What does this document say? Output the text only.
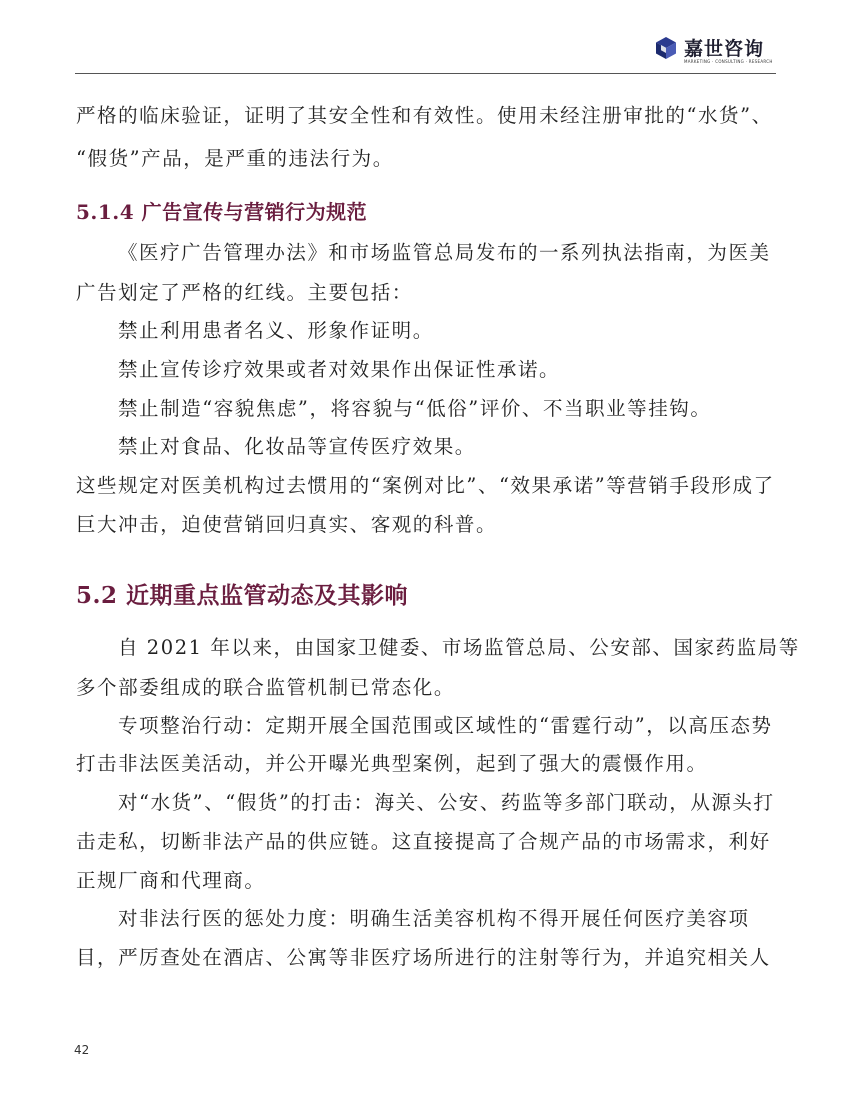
嘉世咨询
MARKETING · CONSULTING · RESEARCH
严格的临床验证，证明了其安全性和有效性。使用未经注册审批的“水货”、
“假货”产品，是严重的违法行为。
5.1.4 广告宣传与营销行为规范
《医疗广告管理办法》和市场监管总局发布的一系列执法指南，为医美
广告划定了严格的红线。主要包括：
禁止利用患者名义、形象作证明。
禁止宣传诊疗效果或者对效果作出保证性承诺。
禁止制造“容貌焦虑”，将容貌与“低俗”评价、不当职业等挂钩。
禁止对食品、化妆品等宣传医疗效果。
这些规定对医美机构过去惯用的“案例对比”、“效果承诺”等营销手段形成了
巨大冲击，迫使营销回归真实、客观的科普。
5.2 近期重点监管动态及其影响
自 2021 年以来，由国家卫健委、市场监管总局、公安部、国家药监局等
多个部委组成的联合监管机制已常态化。
专项整治行动：定期开展全国范围或区域性的“雷霆行动”，以高压态势
打击非法医美活动，并公开曝光典型案例，起到了强大的震慑作用。
对“水货”、“假货”的打击：海关、公安、药监等多部门联动，从源头打
击走私，切断非法产品的供应链。这直接提高了合规产品的市场需求，利好
正规厂商和代理商。
对非法行医的惩处力度：明确生活美容机构不得开展任何医疗美容项
目，严厉查处在酒店、公寓等非医疗场所进行的注射等行为，并追究相关人
42
